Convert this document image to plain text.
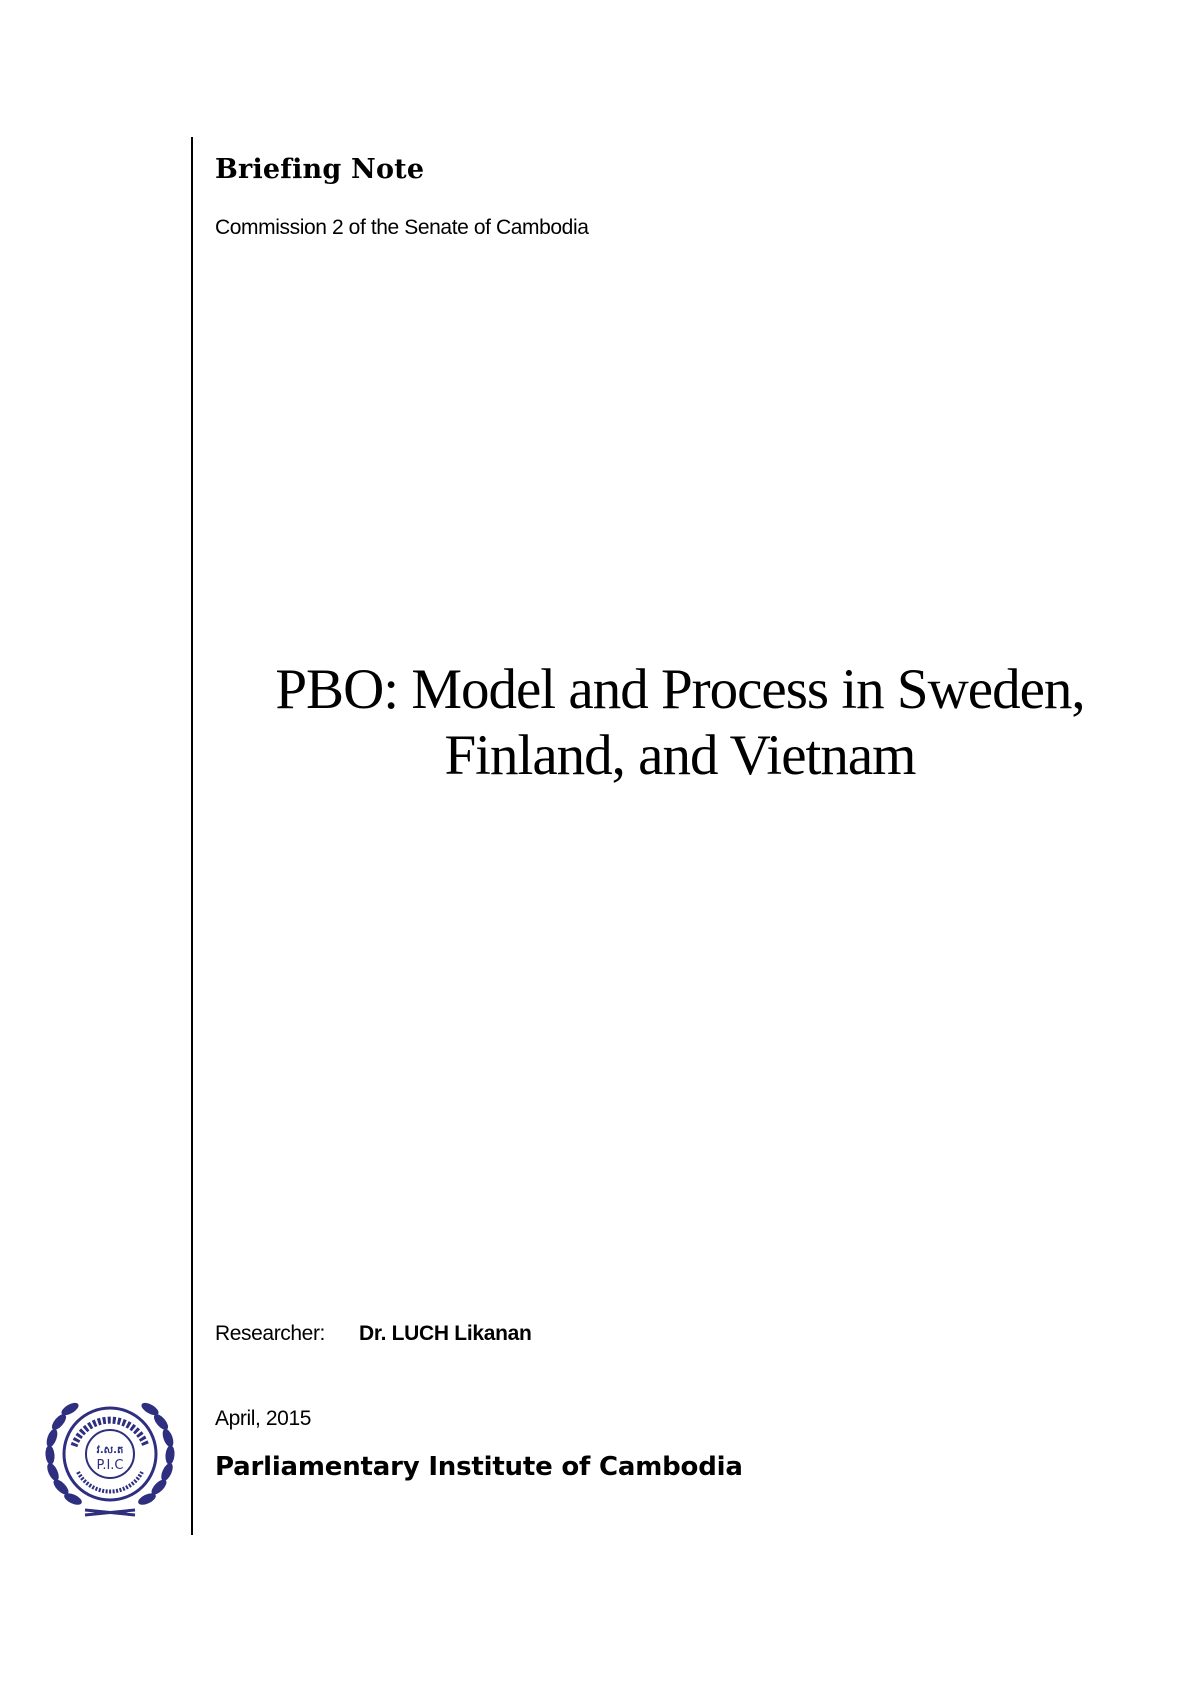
Briefing Note
Commission 2 of the Senate of Cambodia
PBO: Model and Process in Sweden,
Finland, and Vietnam
Researcher: Dr. LUCH Likanan
April, 2015
Parliamentary Institute of Cambodia
វ.ស.ត
P.I.C
